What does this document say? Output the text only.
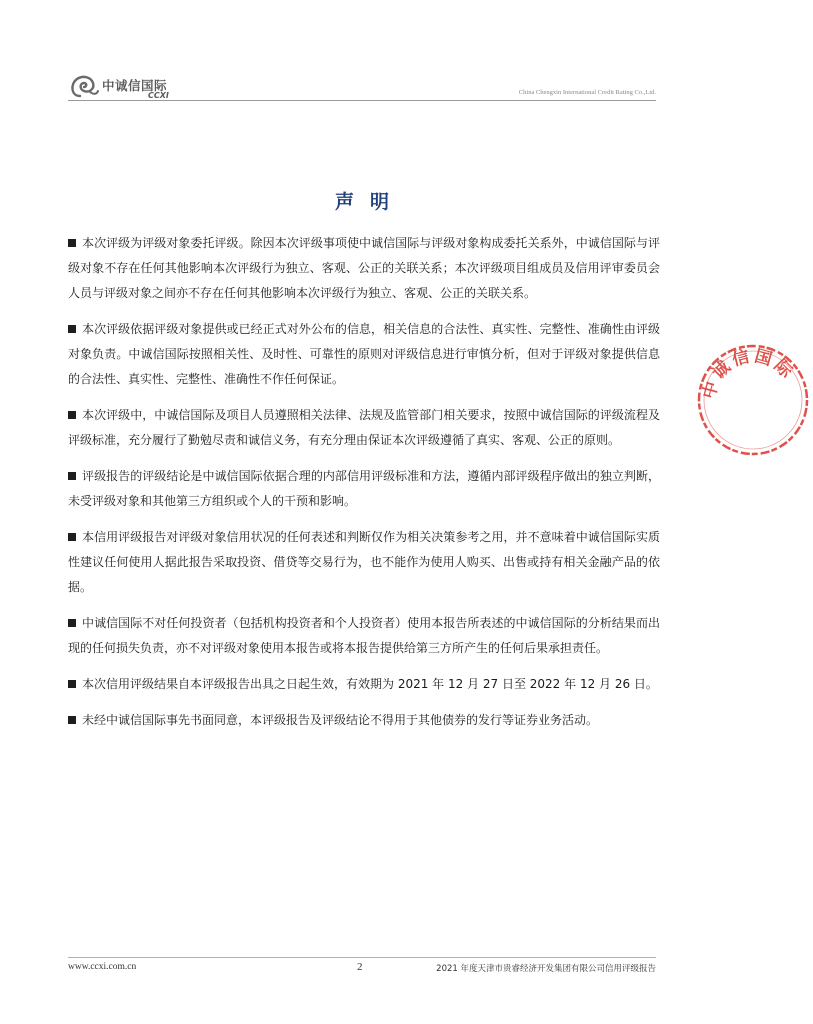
中诚信国际
CCXI	China Chengxin International Credit Rating Co.,Ltd.
声明

本次评级为评级对象委托评级。除因本次评级事项使中诚信国际与评级对象构成委托关系外，中诚信国际与评级对象不存在任何其他影响本次评级行为独立、客观、公正的关联关系；本次评级项目组成员及信用评审委员会人员与评级对象之间亦不存在任何其他影响本次评级行为独立、客观、公正的关联关系。

本次评级依据评级对象提供或已经正式对外公布的信息，相关信息的合法性、真实性、完整性、准确性由评级对象负责。中诚信国际按照相关性、及时性、可靠性的原则对评级信息进行审慎分析，但对于评级对象提供信息的合法性、真实性、完整性、准确性不作任何保证。

本次评级中，中诚信国际及项目人员遵照相关法律、法规及监管部门相关要求，按照中诚信国际的评级流程及评级标准，充分履行了勤勉尽责和诚信义务，有充分理由保证本次评级遵循了真实、客观、公正的原则。

评级报告的评级结论是中诚信国际依据合理的内部信用评级标准和方法，遵循内部评级程序做出的独立判断，未受评级对象和其他第三方组织或个人的干预和影响。

本信用评级报告对评级对象信用状况的任何表述和判断仅作为相关决策参考之用，并不意味着中诚信国际实质性建议任何使用人据此报告采取投资、借贷等交易行为，也不能作为使用人购买、出售或持有相关金融产品的依据。

中诚信国际不对任何投资者（包括机构投资者和个人投资者）使用本报告所表述的中诚信国际的分析结果而出现的任何损失负责，亦不对评级对象使用本报告或将本报告提供给第三方所产生的任何后果承担责任。

本次信用评级结果自本评级报告出具之日起生效，有效期为 2021 年 12 月 27 日至 2022 年 12 月 26 日。

未经中诚信国际事先书面同意，本评级报告及评级结论不得用于其他债券的发行等证券业务活动。

中诚信国际
www.ccxi.com.cn	2	2021 年度天津市贵睿经济开发集团有限公司信用评级报告
